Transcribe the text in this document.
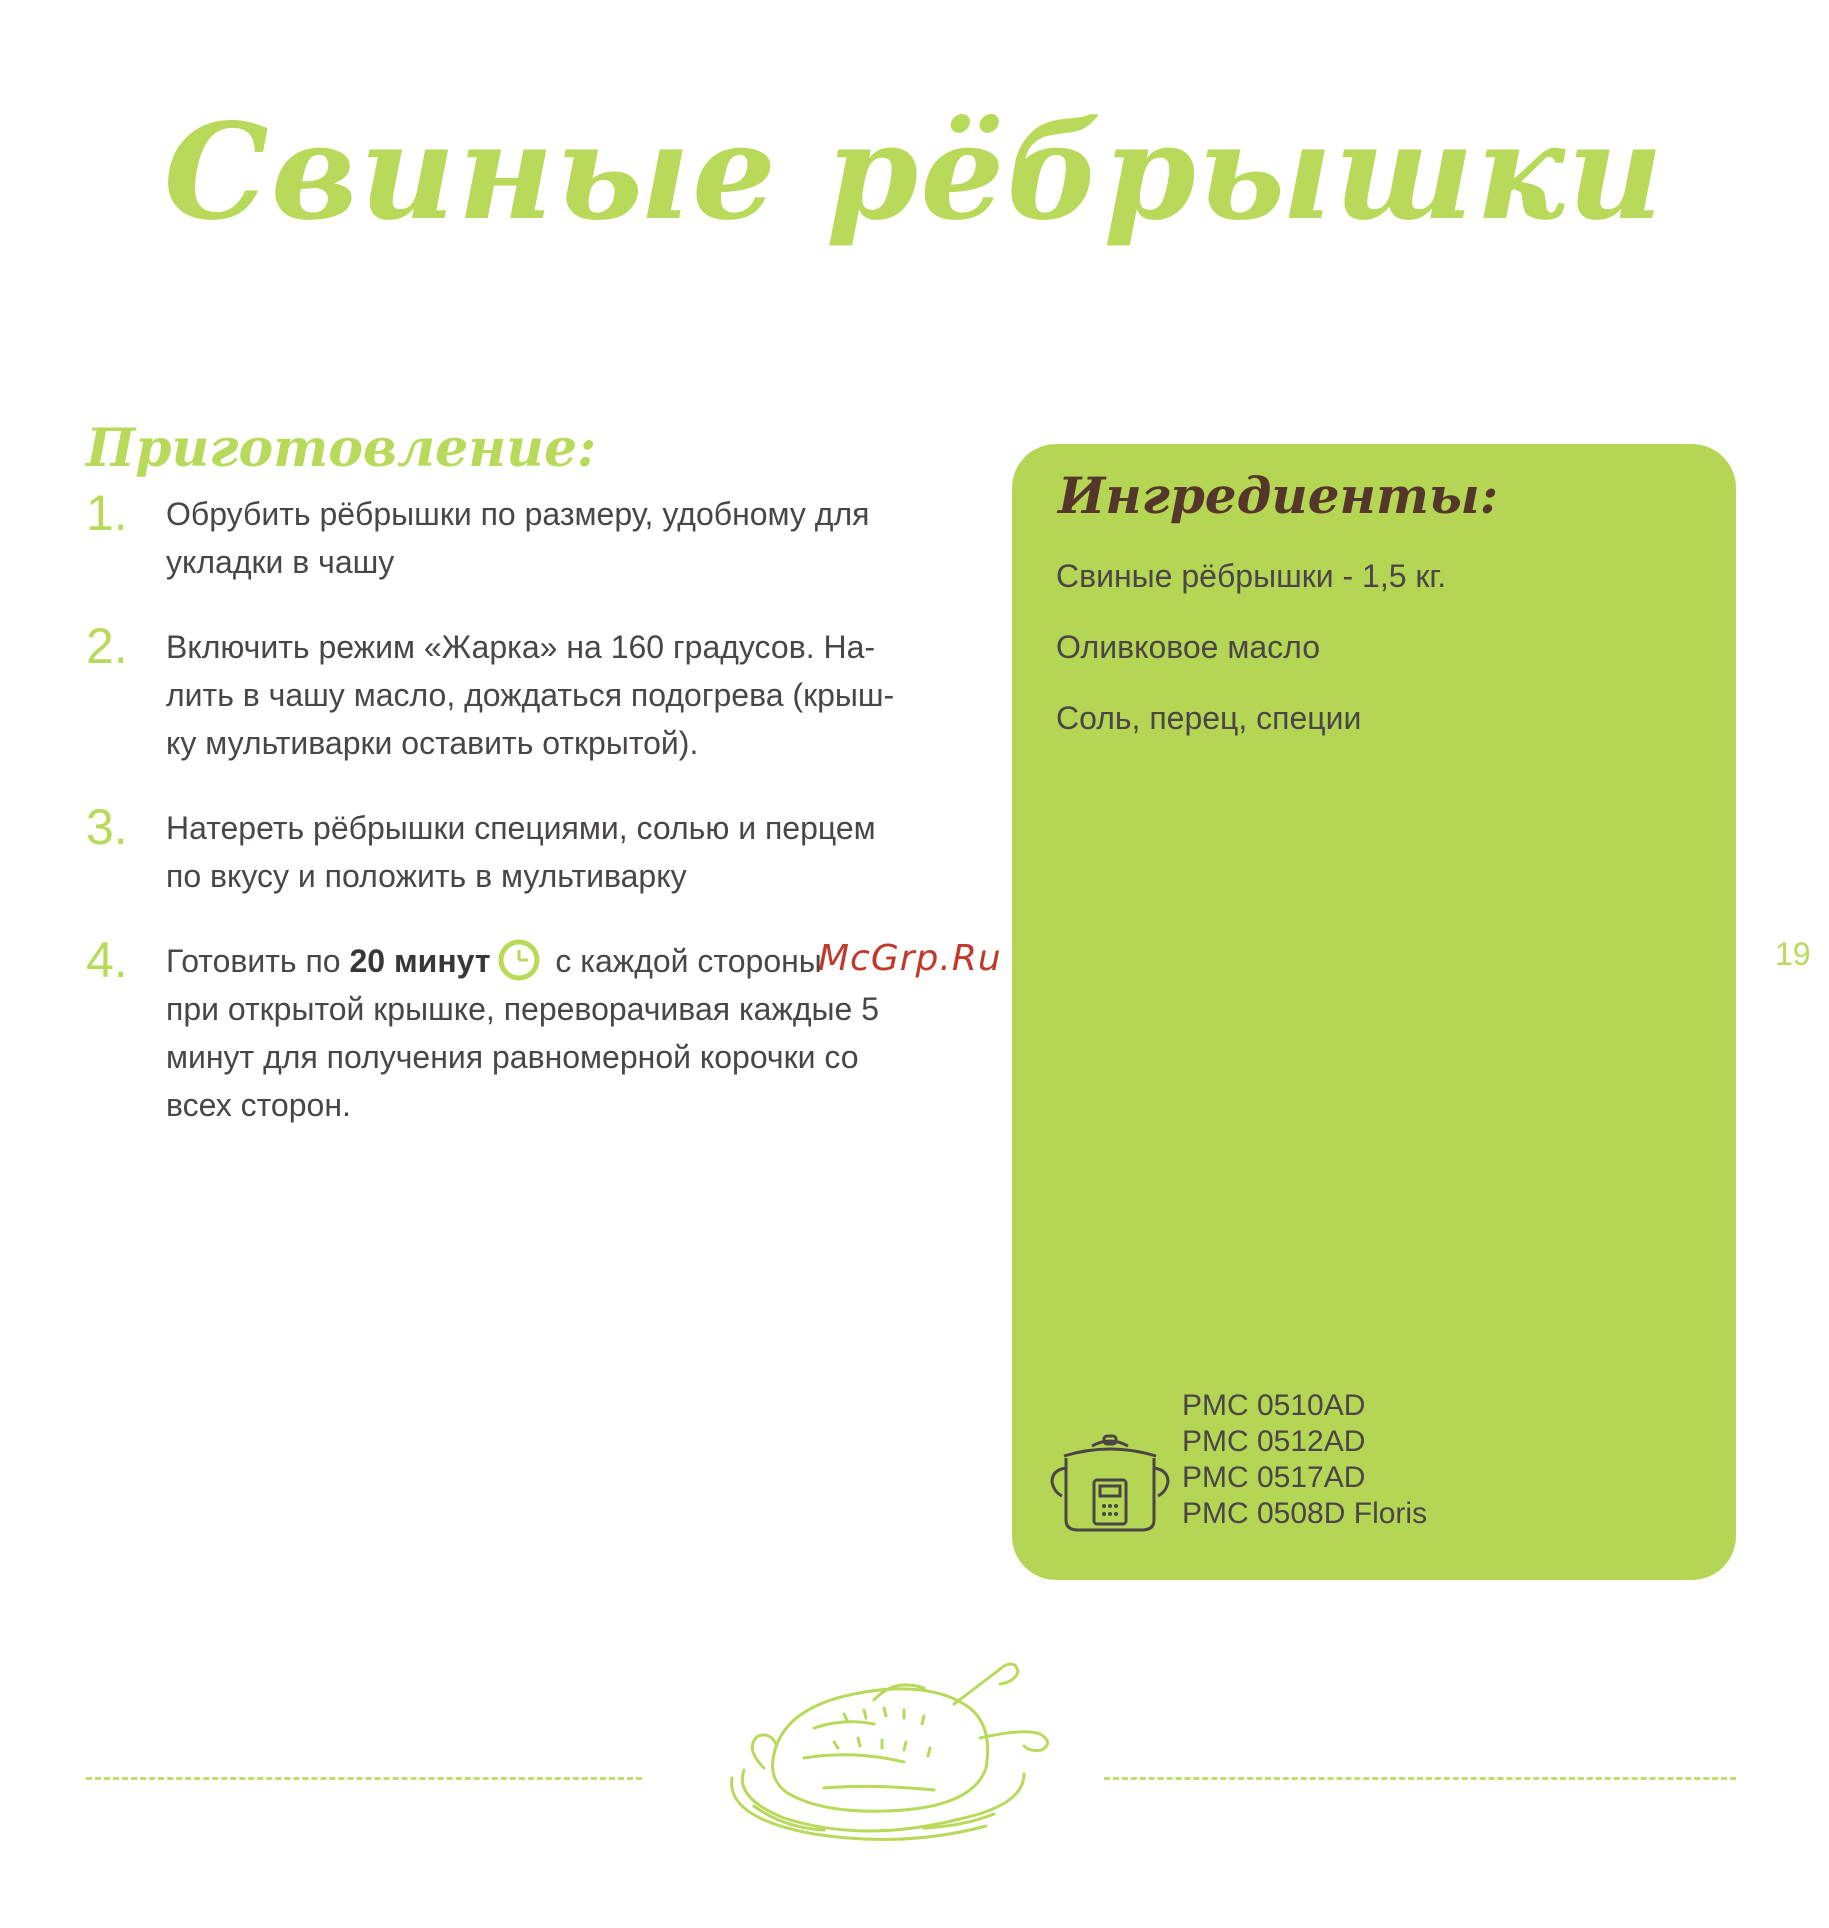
Свиные рёбрышки
Приготовление:
1. Обрубить рёбрышки по размеру, удобному для
укладки в чашу
2. Включить режим «Жарка» на 160 градусов. На-
лить в чашу масло, дождаться подогрева (крыш-
ку мультиварки оставить открытой).
3. Натереть рёбрышки специями, солью и перцем
по вкусу и положить в мультиварку
4. Готовить по 20 минут с каждой стороны
при открытой крышке, переворачивая каждые 5
минут для получения равномерной корочки со
всех сторон.
McGrp.Ru
Ингредиенты:
Свиные рёбрышки - 1,5 кг.
Оливковое масло
Соль, перец, специи
PMC 0510AD
PMC 0512AD
PMC 0517AD
PMC 0508D Floris
19
